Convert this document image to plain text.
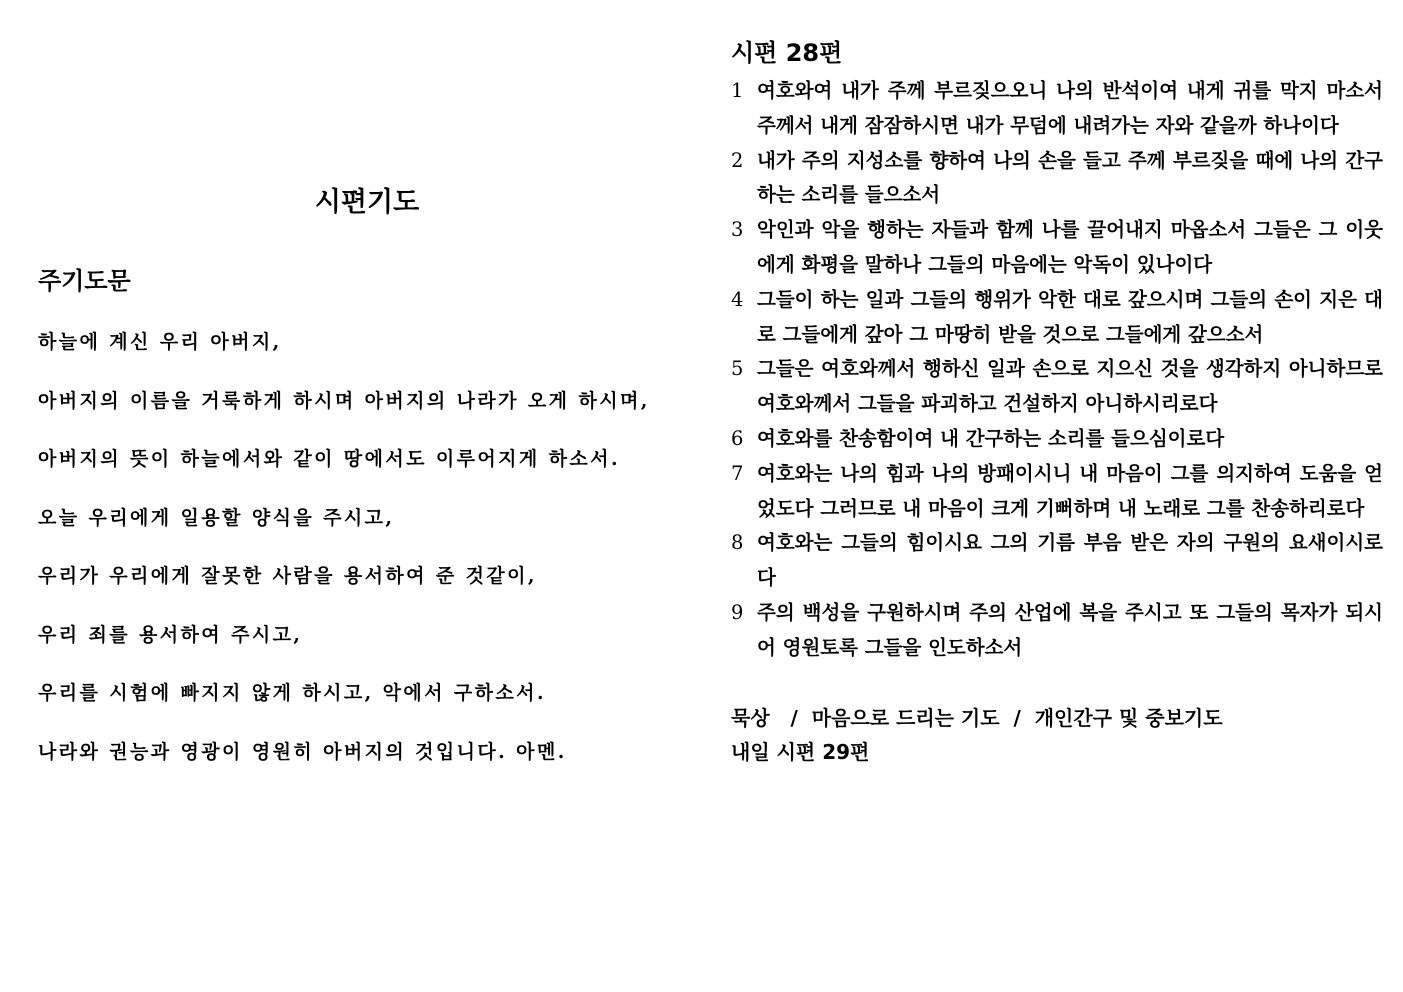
시편기도
주기도문
하늘에 계신 우리 아버지,
아버지의 이름을 거룩하게 하시며 아버지의 나라가 오게 하시며,
아버지의 뜻이 하늘에서와 같이 땅에서도 이루어지게 하소서.
오늘 우리에게 일용할 양식을 주시고,
우리가 우리에게 잘못한 사람을 용서하여 준 것같이,
우리 죄를 용서하여 주시고,
우리를 시험에 빠지지 않게 하시고, 악에서 구하소서.
나라와 권능과 영광이 영원히 아버지의 것입니다. 아멘.
시편 28편
1 여호와여 내가 주께 부르짖으오니 나의 반석이여 내게 귀를 막지 마소서 주께서 내게 잠잠하시면 내가 무덤에 내려가는 자와 같을까 하나이다
2 내가 주의 지성소를 향하여 나의 손을 들고 주께 부르짖을 때에 나의 간구하는 소리를 들으소서
3 악인과 악을 행하는 자들과 함께 나를 끌어내지 마옵소서 그들은 그 이웃에게 화평을 말하나 그들의 마음에는 악독이 있나이다
4 그들이 하는 일과 그들의 행위가 악한 대로 갚으시며 그들의 손이 지은 대로 그들에게 갚아 그 마땅히 받을 것으로 그들에게 갚으소서
5 그들은 여호와께서 행하신 일과 손으로 지으신 것을 생각하지 아니하므로 여호와께서 그들을 파괴하고 건설하지 아니하시리로다
6 여호와를 찬송함이여 내 간구하는 소리를 들으심이로다
7 여호와는 나의 힘과 나의 방패이시니 내 마음이 그를 의지하여 도움을 얻었도다 그러므로 내 마음이 크게 기뻐하며 내 노래로 그를 찬송하리로다
8 여호와는 그들의 힘이시요 그의 기름 부음 받은 자의 구원의 요새이시로다
9 주의 백성을 구원하시며 주의 산업에 복을 주시고 또 그들의 목자가 되시어 영원토록 그들을 인도하소서
묵상   /  마음으로 드리는 기도  /  개인간구 및 중보기도
내일 시편 29편
